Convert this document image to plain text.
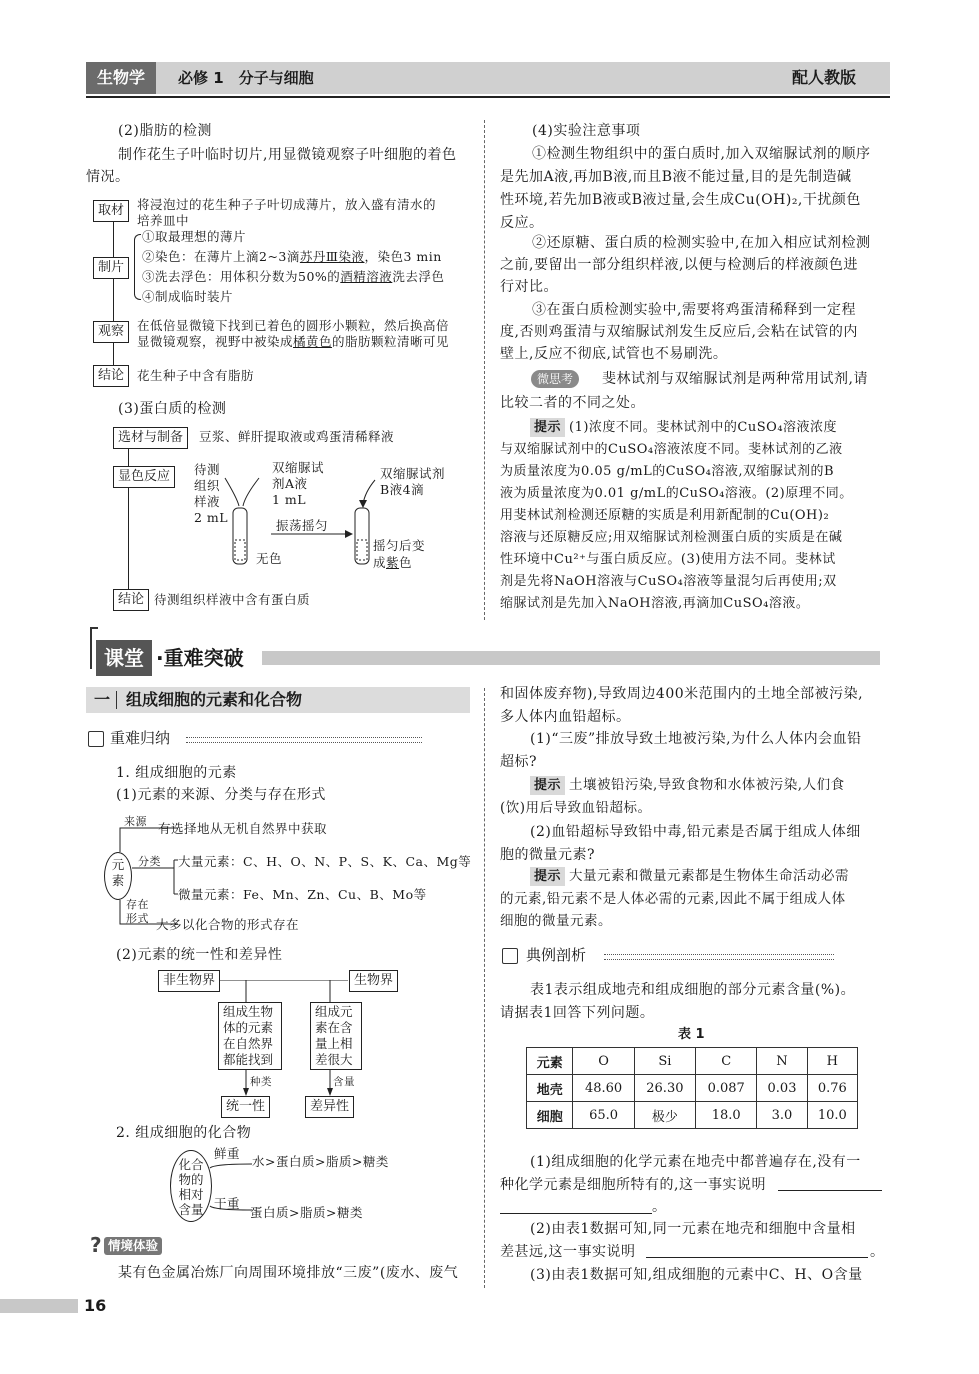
生物学	必修 1　分子与细胞	配人教版
(2)脂肪的检测
制作花生子叶临时切片,用显微镜观察子叶细胞的着色
情况。
取材	将浸泡过的花生种子子叶切成薄片，放入盛有清水的
培养皿中
制片
①取最理想的薄片
②染色：在薄片上滴2~3滴苏丹Ⅲ染液，染色3 min
③洗去浮色：用体积分数为50%的酒精溶液洗去浮色
④制成临时装片
观察	在低倍显微镜下找到已着色的圆形小颗粒，然后换高倍
显微镜观察，视野中被染成橘黄色的脂肪颗粒清晰可见
结论	花生种子中含有脂肪
(3)蛋白质的检测
选材与制备	豆浆、鲜肝提取液或鸡蛋清稀释液
显色反应	待测
组织
样液
2 mL
双缩脲试
剂A液
1 mL
双缩脲试剂
B液4滴
振荡摇匀
无色
摇匀后变
成紫色
结论 待测组织样液中含有蛋白质
(4)实验注意事项
①检测生物组织中的蛋白质时,加入双缩脲试剂的顺序
是先加A液,再加B液,而且B液不能过量,目的是先制造碱
性环境,若先加B液或B液过量,会生成Cu(OH)₂,干扰颜色
反应。
②还原糖、蛋白质的检测实验中,在加入相应试剂检测
之前,要留出一部分组织样液,以便与检测后的样液颜色进
行对比。
③在蛋白质检测实验中,需要将鸡蛋清稀释到一定程
度,否则鸡蛋清与双缩脲试剂发生反应后,会粘在试管的内
壁上,反应不彻底,试管也不易刷洗。
微思考	斐林试剂与双缩脲试剂是两种常用试剂,请
比较二者的不同之处。
提示 (1)浓度不同。斐林试剂中的CuSO₄溶液浓度
与双缩脲试剂中的CuSO₄溶液浓度不同。斐林试剂的乙液
为质量浓度为0.05 g/mL的CuSO₄溶液,双缩脲试剂的B
液为质量浓度为0.01 g/mL的CuSO₄溶液。(2)原理不同。
用斐林试剂检测还原糖的实质是利用新配制的Cu(OH)₂
溶液与还原糖反应;用双缩脲试剂检测蛋白质的实质是在碱
性环境中Cu²⁺与蛋白质反应。(3)使用方法不同。斐林试
剂是先将NaOH溶液与CuSO₄溶液等量混匀后再使用;双
缩脲试剂是先加入NaOH溶液,再滴加CuSO₄溶液。
课堂 ·重难突破
一 组成细胞的元素和化合物
重难归纳
1. 组成细胞的元素
(1)元素的来源、分类与存在形式
元
素
来源 有选择地从无机自然界中获取
分类 大量元素：C、H、O、N、P、S、K、Ca、Mg等
微量元素：Fe、Mn、Zn、Cu、B、Mo等
存在
形式 大多以化合物的形式存在
(2)元素的统一性和差异性
非生物界	生物界
组成生物
体的元素
在自然界
都能找到
组成元
素在含
量上相
差很大
种类	含量
统一性	差异性
2. 组成细胞的化合物
化合
物的
相对
含量
鲜重
水>蛋白质>脂质>糖类
干重
蛋白质>脂质>糖类
? 情境体验
某有色金属冶炼厂向周围环境排放“三废”(废水、废气
和固体废弃物),导致周边400米范围内的土地全部被污染,
多人体内血铅超标。
(1)“三废”排放导致土地被污染,为什么人体内会血铅
超标?
提示 土壤被铅污染,导致食物和水体被污染,人们食
(饮)用后导致血铅超标。
(2)血铅超标导致铅中毒,铅元素是否属于组成人体细
胞的微量元素?
提示 大量元素和微量元素都是生物体生命活动必需
的元素,铅元素不是人体必需的元素,因此不属于组成人体
细胞的微量元素。
典例剖析
表1表示组成地壳和组成细胞的部分元素含量(%)。
请据表1回答下列问题。
表 1
元素	O	Si	C	N	H
地壳	48.60	26.30	0.087	0.03	0.76
细胞	65.0	极少	18.0	3.0	10.0
(1)组成细胞的化学元素在地壳中都普遍存在,没有一
种化学元素是细胞所特有的,这一事实说明
。
(2)由表1数据可知,同一元素在地壳和细胞中含量相
差甚远,这一事实说明	。
(3)由表1数据可知,组成细胞的元素中C、H、O含量
16
